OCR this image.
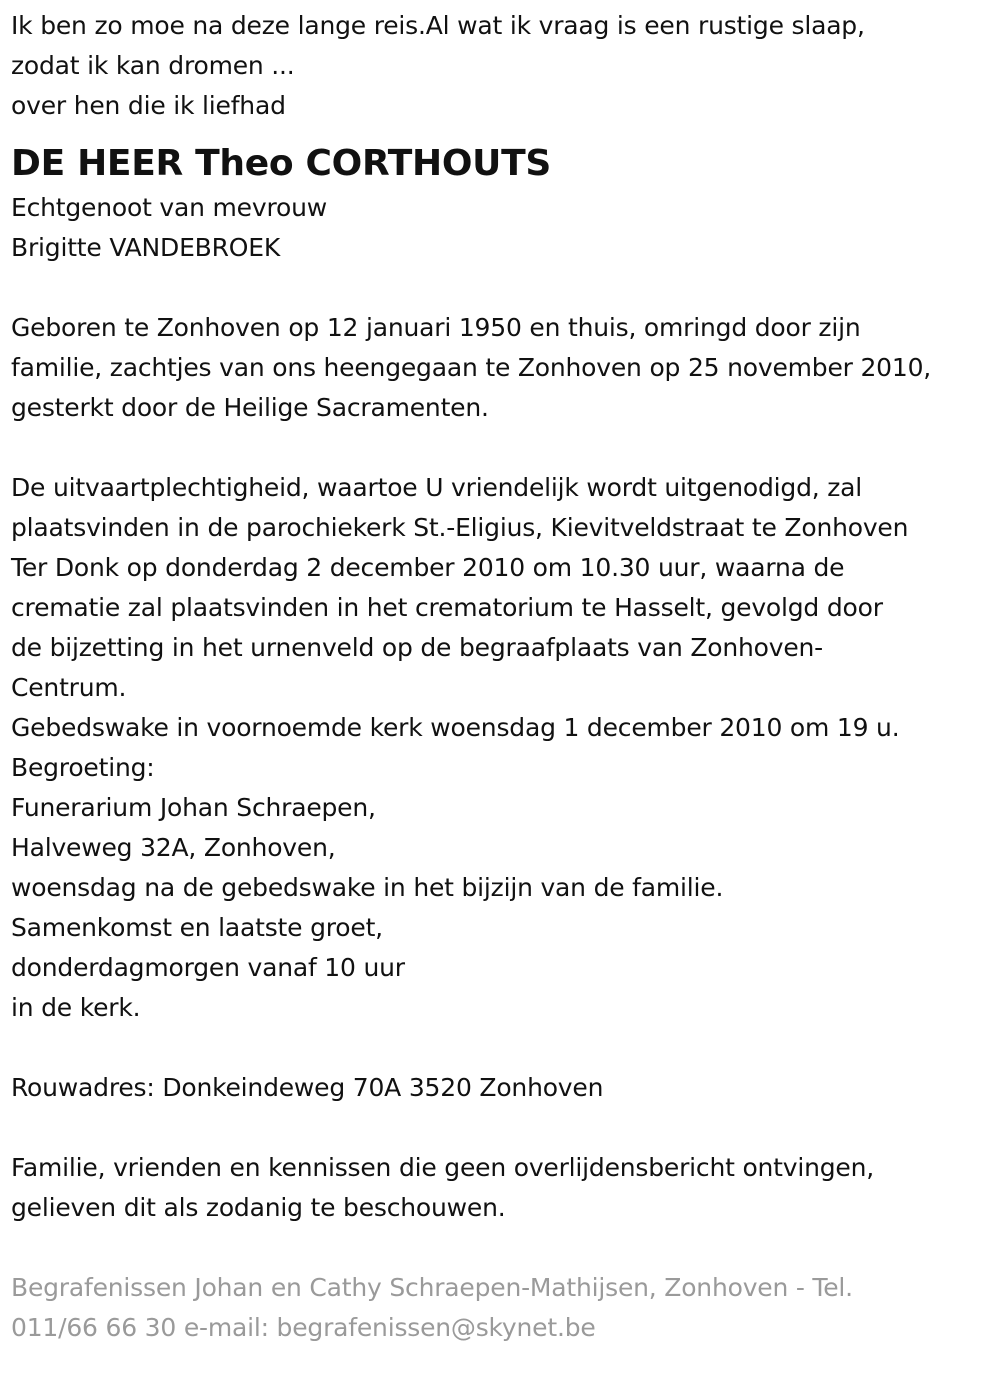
Ik ben zo moe na deze lange reis.Al wat ik vraag is een rustige slaap,
zodat ik kan dromen ...
over hen die ik liefhad
DE HEER Theo CORTHOUTS
Echtgenoot van mevrouw
Brigitte VANDEBROEK
Geboren te Zonhoven op 12 januari 1950 en thuis, omringd door zijn
familie, zachtjes van ons heengegaan te Zonhoven op 25 november 2010,
gesterkt door de Heilige Sacramenten.
De uitvaartplechtigheid, waartoe U vriendelijk wordt uitgenodigd, zal
plaatsvinden in de parochiekerk St.-Eligius, Kievitveldstraat te Zonhoven
Ter Donk op donderdag 2 december 2010 om 10.30 uur, waarna de
crematie zal plaatsvinden in het crematorium te Hasselt, gevolgd door
de bijzetting in het urnenveld op de begraafplaats van Zonhoven-
Centrum.
Gebedswake in voornoemde kerk woensdag 1 december 2010 om 19 u.
Begroeting:
Funerarium Johan Schraepen,
Halveweg 32A, Zonhoven,
woensdag na de gebedswake in het bijzijn van de familie.
Samenkomst en laatste groet,
donderdagmorgen vanaf 10 uur
in de kerk.
Rouwadres: Donkeindeweg 70A 3520 Zonhoven
Familie, vrienden en kennissen die geen overlijdensbericht ontvingen,
gelieven dit als zodanig te beschouwen.
Begrafenissen Johan en Cathy Schraepen-Mathijsen, Zonhoven - Tel.
011/66 66 30 e-mail: begrafenissen@skynet.be
